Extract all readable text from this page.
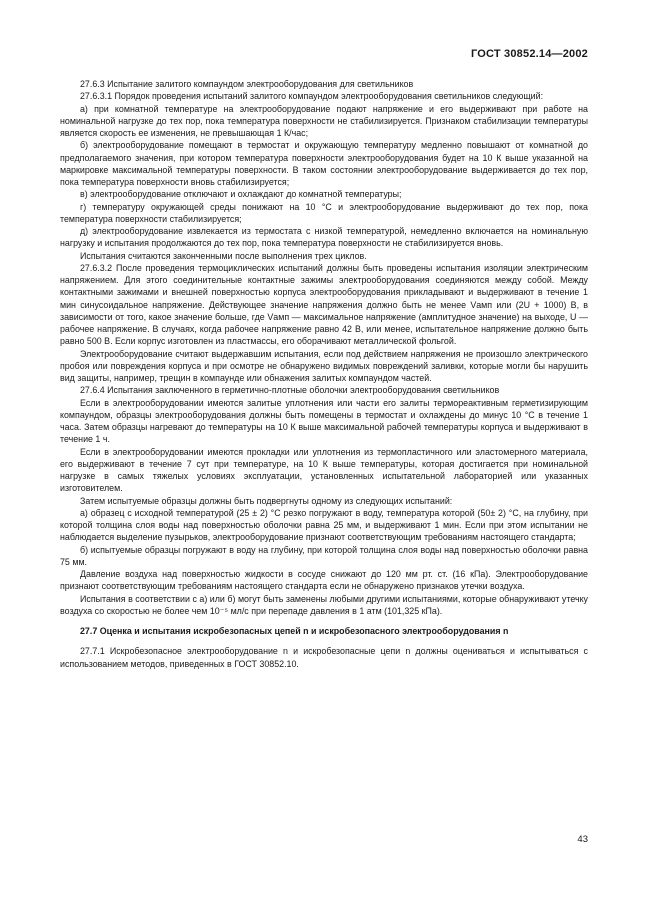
ГОСТ 30852.14—2002

27.6.3 Испытание залитого компаундом электрооборудования для светильников

27.6.3.1 Порядок проведения испытаний залитого компаундом электрооборудования светильников следующий:

а) при комнатной температуре на электрооборудование подают напряжение и его выдерживают при работе на номинальной нагрузке до тех пор, пока температура поверхности не стабилизируется. Признаком стабилизации температуры является скорость ее изменения, не превышающая 1 К/час;

б) электрооборудование помещают в термостат и окружающую температуру медленно повышают от комнатной до предполагаемого значения, при котором температура поверхности электрооборудования будет на 10 К выше указанной на маркировке максимальной температуры поверхности. В таком состоянии электрооборудование выдерживается до тех пор, пока температура поверхности вновь стабилизируется;

в) электрооборудование отключают и охлаждают до комнатной температуры;

г) температуру окружающей среды понижают на 10 °С и электрооборудование выдерживают до тех пор, пока температура поверхности стабилизируется;

д) электрооборудование извлекается из термостата с низкой температурой, немедленно включается на номинальную нагрузку и испытания продолжаются до тех пор, пока температура поверхности не стабилизируется вновь.

Испытания считаются законченными после выполнения трех циклов.

27.6.3.2 После проведения термоциклических испытаний должны быть проведены испытания изоляции электрическим напряжением. Для этого соединительные контактные зажимы электрооборудования соединяются между собой. Между контактными зажимами и внешней поверхностью корпуса электрооборудования прикладывают и выдерживают в течение 1 мин синусоидальное напряжение. Действующее значение напряжения должно быть не менее Vамп или (2U + 1000) В, в зависимости от того, какое значение больше, где Vамп — максимальное напряжение (амплитудное значение) на выходе, U — рабочее напряжение. В случаях, когда рабочее напряжение равно 42 В, или менее, испытательное напряжение должно быть равно 500 В. Если корпус изготовлен из пластмассы, его оборачивают металлической фольгой.

Электрооборудование считают выдержавшим испытания, если под действием напряжения не произошло электрического пробоя или повреждения корпуса и при осмотре не обнаружено видимых повреждений заливки, которые могли бы нарушить вид защиты, например, трещин в компаунде или обнажения залитых компаундом частей.

27.6.4 Испытания заключенного в герметично-плотные оболочки электрооборудования светильников

Если в электрооборудовании имеются залитые уплотнения или части его залиты термореактивным герметизирующим компаундом, образцы электрооборудования должны быть помещены в термостат и охлаждены до минус 10 °С в течение 1 часа. Затем образцы нагревают до температуры на 10 К выше максимальной рабочей температуры корпуса и выдерживают в течение 1 ч.

Если в электрооборудовании имеются прокладки или уплотнения из термопластичного или эластомерного материала, его выдерживают в течение 7 сут при температуре, на 10 К выше температуры, которая достигается при номинальной нагрузке в самых тяжелых условиях эксплуатации, установленных испытательной лабораторией или указанных изготовителем.

Затем испытуемые образцы должны быть подвергнуты одному из следующих испытаний:

а) образец с исходной температурой (25 ± 2) °С резко погружают в воду, температура которой (50± 2) °С, на глубину, при которой толщина слоя воды над поверхностью оболочки равна 25 мм, и выдерживают 1 мин. Если при этом испытании не наблюдается выделение пузырьков, электрооборудование признают соответствующим требованиям настоящего стандарта;

б) испытуемые образцы погружают в воду на глубину, при которой толщина слоя воды над поверхностью оболочки равна 75 мм.

Давление воздуха над поверхностью жидкости в сосуде снижают до 120 мм рт. ст. (16 кПа). Электрооборудование признают соответствующим требованиям настоящего стандарта если не обнаружено признаков утечки воздуха.

Испытания в соответствии с а) или б) могут быть заменены любыми другими испытаниями, которые обнаруживают утечку воздуха со скоростью не более чем 10⁻⁵ мл/с при перепаде давления в 1 атм (101,325 кПа).

27.7 Оценка и испытания искробезопасных цепей n и искробезопасного электрооборудования n

27.7.1 Искробезопасное электрооборудование n и искробезопасные цепи n должны оцениваться и испытываться с использованием методов, приведенных в ГОСТ 30852.10.

43
